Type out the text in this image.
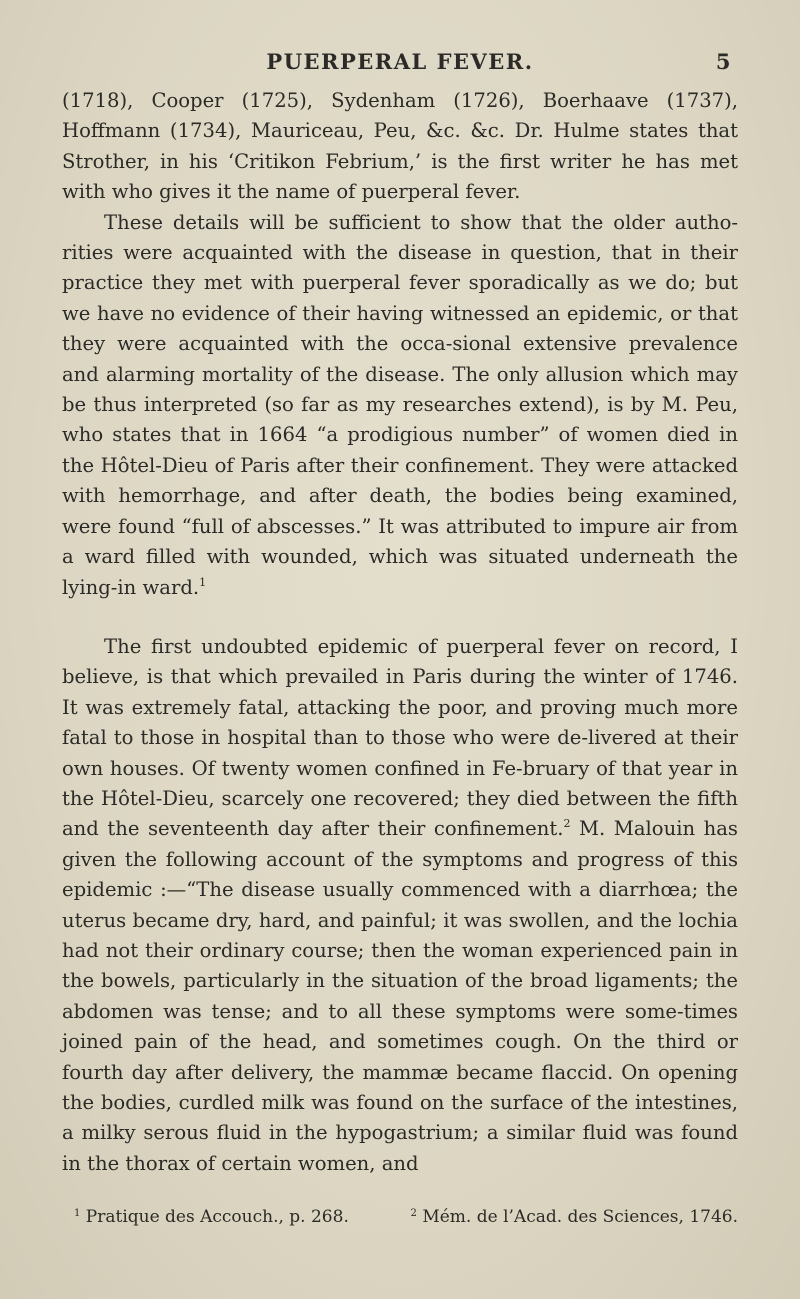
PUERPERAL FEVER.	5

(1718), Cooper (1725), Sydenham (1726), Boerhaave (1737), Hoffmann (1734), Mauriceau, Peu, &c. &c. Dr. Hulme states that Strother, in his ‘Critikon Febrium,’ is the first writer he has met with who gives it the name of puerperal fever.

These details will be sufficient to show that the older autho-rities were acquainted with the disease in question, that in their practice they met with puerperal fever sporadically as we do; but we have no evidence of their having witnessed an epidemic, or that they were acquainted with the occa-sional extensive prevalence and alarming mortality of the disease. The only allusion which may be thus interpreted (so far as my researches extend), is by M. Peu, who states that in 1664 “a prodigious number” of women died in the Hôtel-Dieu of Paris after their confinement. They were attacked with hemorrhage, and after death, the bodies being examined, were found “full of abscesses.” It was attributed to impure air from a ward filled with wounded, which was situated underneath the lying-in ward.$^1$

The first undoubted epidemic of puerperal fever on record, I believe, is that which prevailed in Paris during the winter of 1746. It was extremely fatal, attacking the poor, and proving much more fatal to those in hospital than to those who were de-livered at their own houses. Of twenty women confined in Fe-bruary of that year in the Hôtel-Dieu, scarcely one recovered; they died between the fifth and the seventeenth day after their confinement.$^2$ M. Malouin has given the following account of the symptoms and progress of this epidemic :—“The disease usually commenced with a diarrhœa; the uterus became dry, hard, and painful; it was swollen, and the lochia had not their ordinary course; then the woman experienced pain in the bowels, particularly in the situation of the broad ligaments; the abdomen was tense; and to all these symptoms were some-times joined pain of the head, and sometimes cough. On the third or fourth day after delivery, the mammæ became flaccid. On opening the bodies, curdled milk was found on the surface of the intestines, a milky serous fluid in the hypogastrium; a similar fluid was found in the thorax of certain women, and

$^1$ Pratique des Accouch., p. 268.	$^2$ Mém. de l’Acad. des Sciences, 1746.
